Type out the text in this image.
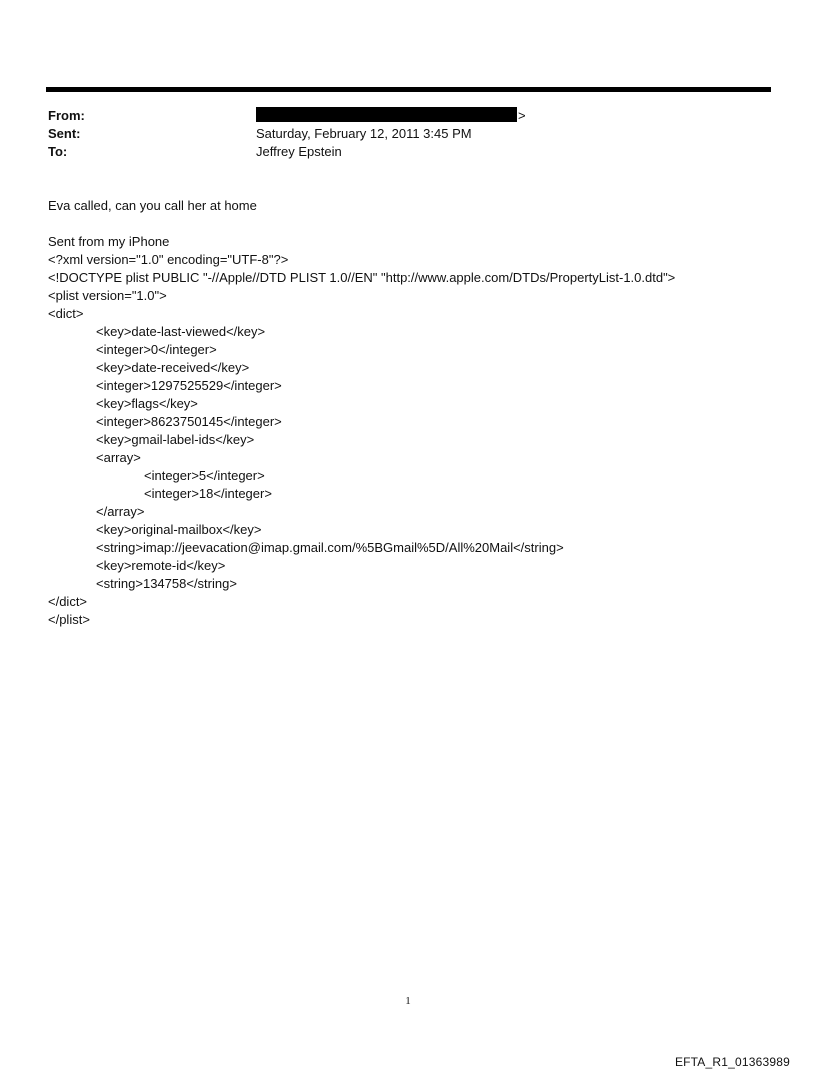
From:	>
Sent:	Saturday, February 12, 2011 3:45 PM
To:	Jeffrey Epstein

Eva called, can you call her at home

Sent from my iPhone

<?xml version="1.0" encoding="UTF-8"?>
<!DOCTYPE plist PUBLIC "-//Apple//DTD PLIST 1.0//EN" "http://www.apple.com/DTDs/PropertyList-1.0.dtd">
<plist version="1.0">
<dict>
<key>date-last-viewed</key>
<integer>0</integer>
<key>date-received</key>
<integer>1297525529</integer>
<key>flags</key>
<integer>8623750145</integer>
<key>gmail-label-ids</key>
<array>
<integer>5</integer>
<integer>18</integer>
</array>
<key>original-mailbox</key>
<string>imap://jeevacation@imap.gmail.com/%5BGmail%5D/All%20Mail</string>
<key>remote-id</key>
<string>134758</string>
</dict>
</plist>
1
EFTA_R1_01363989
